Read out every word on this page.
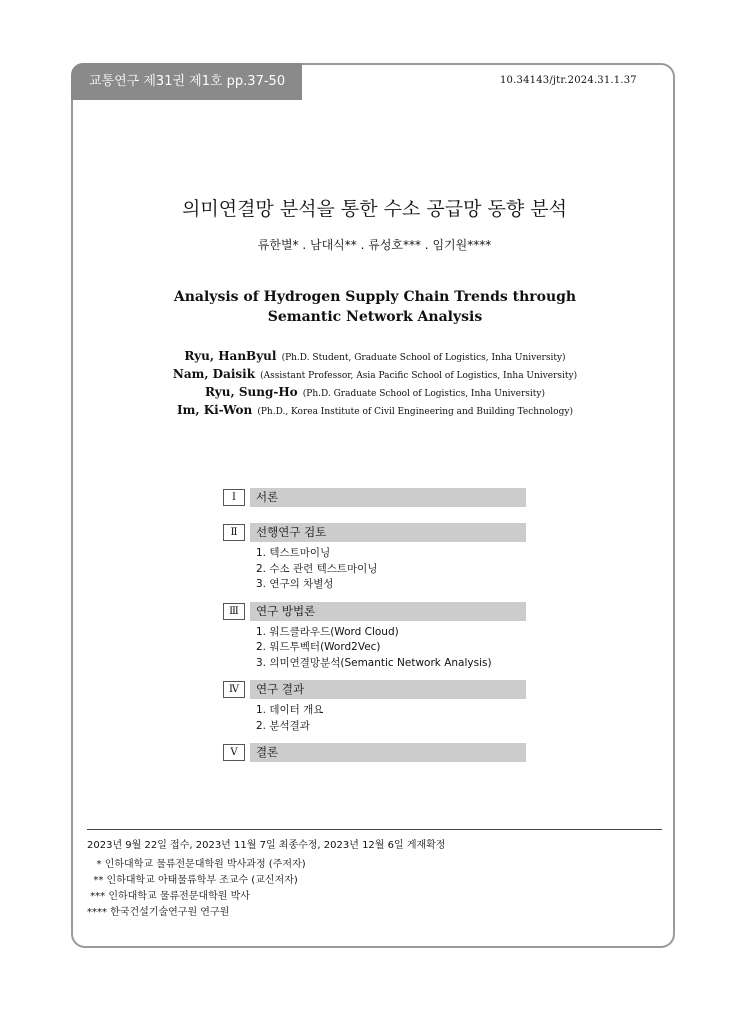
교통연구 제31권 제1호 pp.37-50	10.34143/jtr.2024.31.1.37
의미연결망 분석을 통한 수소 공급망 동향 분석
류한별* . 남대식** . 류성호*** . 임기원****
Analysis of Hydrogen Supply Chain Trends through Semantic Network Analysis
Ryu, HanByul (Ph.D. Student, Graduate School of Logistics, Inha University)
Nam, Daisik (Assistant Professor, Asia Pacific School of Logistics, Inha University)
Ryu, Sung-Ho (Ph.D. Graduate School of Logistics, Inha University)
Im, Ki-Won (Ph.D., Korea Institute of Civil Engineering and Building Technology)
Ⅰ	서론
Ⅱ	선행연구 검토
1. 텍스트마이닝
2. 수소 관련 텍스트마이닝
3. 연구의 차별성
Ⅲ	연구 방법론
1. 워드클라우드(Word Cloud)
2. 워드투벡터(Word2Vec)
3. 의미연결망분석(Semantic Network Analysis)
Ⅳ	연구 결과
1. 데이터 개요
2. 분석결과
Ⅴ	결론
2023년 9월 22일 접수, 2023년 11월 7일 최종수정, 2023년 12월 6일 게재확정
* 인하대학교 물류전문대학원 박사과정 (주저자)
** 인하대학교 아태물류학부 조교수 (교신저자)
*** 인하대학교 물류전문대학원 박사
**** 한국건설기술연구원 연구원
